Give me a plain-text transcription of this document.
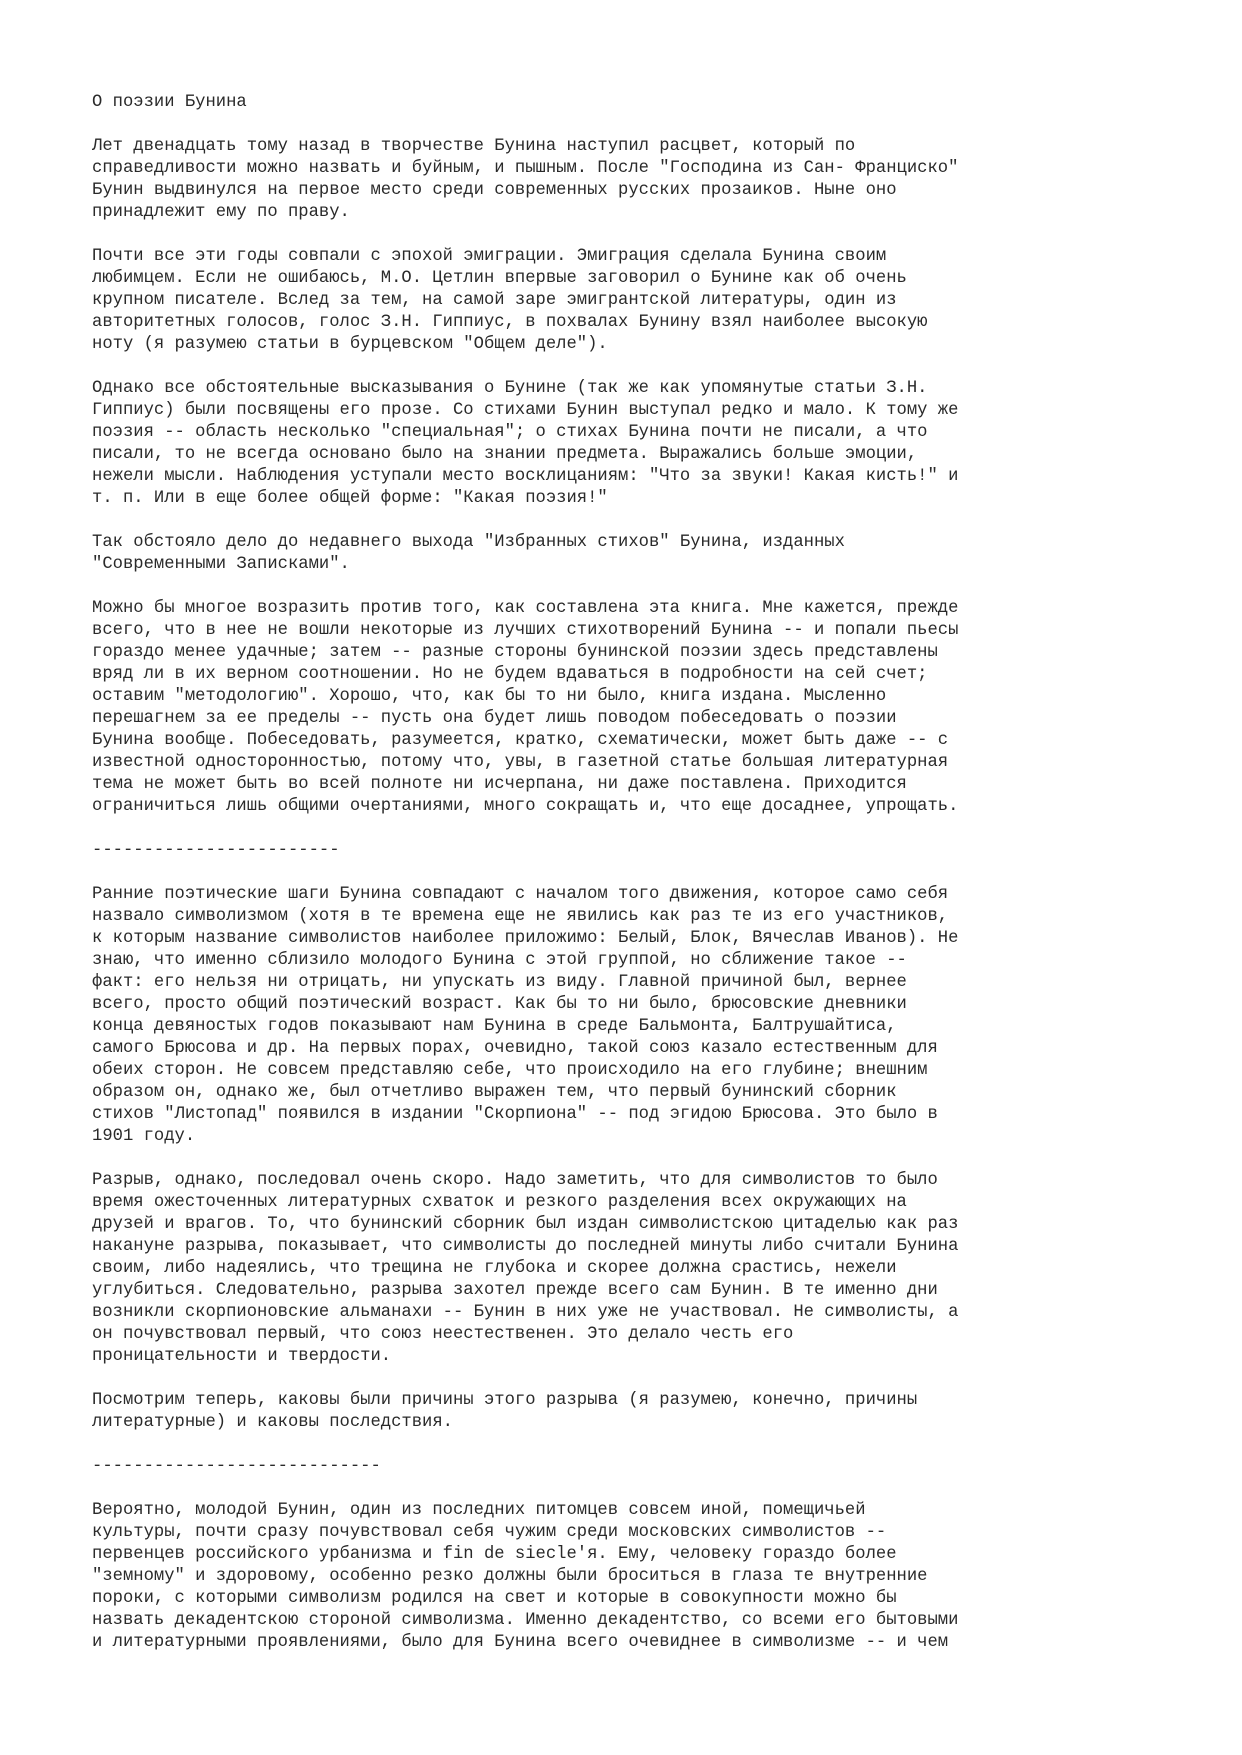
О поэзии Бунина
Лет двенадцать тому назад в творчестве Бунина наступил расцвет, который по
справедливости можно назвать и буйным, и пышным. После "Господина из Сан- Франциско"
Бунин выдвинулся на первое место среди современных русских прозаиков. Ныне оно
принадлежит ему по праву.
Почти все эти годы совпали с эпохой эмиграции. Эмиграция сделала Бунина своим
любимцем. Если не ошибаюсь, М.О. Цетлин впервые заговорил о Бунине как об очень
крупном писателе. Вслед за тем, на самой заре эмигрантской литературы, один из
авторитетных голосов, голос З.Н. Гиппиус, в похвалах Бунину взял наиболее высокую
ноту (я разумею статьи в бурцевском "Общем деле").
Однако все обстоятельные высказывания о Бунине (так же как упомянутые статьи З.Н.
Гиппиус) были посвящены его прозе. Со стихами Бунин выступал редко и мало. К тому же
поэзия -- область несколько "специальная"; о стихах Бунина почти не писали, а что
писали, то не всегда основано было на знании предмета. Выражались больше эмоции,
нежели мысли. Наблюдения уступали место восклицаниям: "Что за звуки! Какая кисть!" и
т. п. Или в еще более общей форме: "Какая поэзия!"
Так обстояло дело до недавнего выхода "Избранных стихов" Бунина, изданных
"Современными Записками".
Можно бы многое возразить против того, как составлена эта книга. Мне кажется, прежде
всего, что в нее не вошли некоторые из лучших стихотворений Бунина -- и попали пьесы
гораздо менее удачные; затем -- разные стороны бунинской поэзии здесь представлены
вряд ли в их верном соотношении. Но не будем вдаваться в подробности на сей счет;
оставим "методологию". Хорошо, что, как бы то ни было, книга издана. Мысленно
перешагнем за ее пределы -- пусть она будет лишь поводом побеседовать о поэзии
Бунина вообще. Побеседовать, разумеется, кратко, схематически, может быть даже -- с
известной односторонностью, потому что, увы, в газетной статье большая литературная
тема не может быть во всей полноте ни исчерпана, ни даже поставлена. Приходится
ограничиться лишь общими очертаниями, много сокращать и, что еще досаднее, упрощать.
------------------------
Ранние поэтические шаги Бунина совпадают с началом того движения, которое само себя
назвало символизмом (хотя в те времена еще не явились как раз те из его участников,
к которым название символистов наиболее приложимо: Белый, Блок, Вячеслав Иванов). Не
знаю, что именно сблизило молодого Бунина с этой группой, но сближение такое --
факт: его нельзя ни отрицать, ни упускать из виду. Главной причиной был, вернее
всего, просто общий поэтический возраст. Как бы то ни было, брюсовские дневники
конца девяностых годов показывают нам Бунина в среде Бальмонта, Балтрушайтиса,
самого Брюсова и др. На первых порах, очевидно, такой союз казало естественным для
обеих сторон. Не совсем представляю себе, что происходило на его глубине; внешним
образом он, однако же, был отчетливо выражен тем, что первый бунинский сборник
стихов "Листопад" появился в издании "Скорпиона" -- под эгидою Брюсова. Это было в
1901 году.
Разрыв, однако, последовал очень скоро. Надо заметить, что для символистов то было
время ожесточенных литературных схваток и резкого разделения всех окружающих на
друзей и врагов. То, что бунинский сборник был издан символистскою цитаделью как раз
накануне разрыва, показывает, что символисты до последней минуты либо считали Бунина
своим, либо надеялись, что трещина не глубока и скорее должна срастись, нежели
углубиться. Следовательно, разрыва захотел прежде всего сам Бунин. В те именно дни
возникли скорпионовские альманахи -- Бунин в них уже не участвовал. Не символисты, а
он почувствовал первый, что союз неестественен. Это делало честь его
проницательности и твердости.
Посмотрим теперь, каковы были причины этого разрыва (я разумею, конечно, причины
литературные) и каковы последствия.
----------------------------
Вероятно, молодой Бунин, один из последних питомцев совсем иной, помещичьей
культуры, почти сразу почувствовал себя чужим среди московских символистов --
первенцев российского урбанизма и fin de siecle'я. Ему, человеку гораздо более
"земному" и здоровому, особенно резко должны были броситься в глаза те внутренние
пороки, с которыми символизм родился на свет и которые в совокупности можно бы
назвать декадентскою стороной символизма. Именно декадентство, со всеми его бытовыми
и литературными проявлениями, было для Бунина всего очевиднее в символизме -- и чем
